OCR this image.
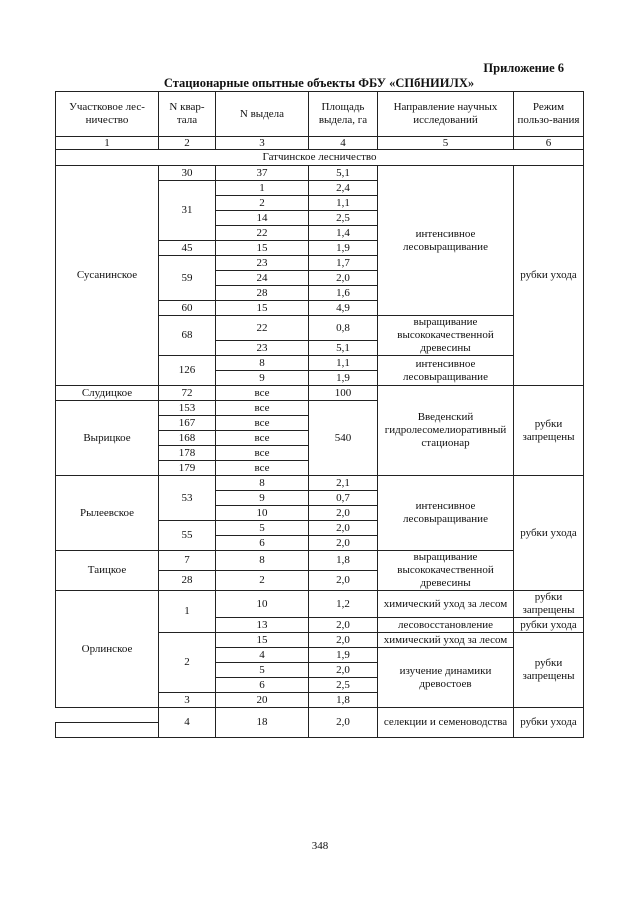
Приложение 6
Стационарные опытные объекты ФБУ «СПбНИИЛХ»
Участковое лес-ничество	N квар-тала	N выдела	Площадь выдела, га	Направление научных исследований	Режим пользо-вания
1	2	3	4	5	6
Гатчинское лесничество					
Сусанинское	30	37	5,1	интенсивное лесовыращивание	рубки ухода
	31	1	2,4		
		2	1,1		
		14	2,5		
		22	1,4		
	45	15	1,9		
	59	23	1,7		
		24	2,0		
		28	1,6		
	60	15	4,9		
	68	22	0,8		
				выращивание высококачественной древесины	
		23	5,1		
	126	8	1,1	интенсивное лесовыращивание	
		9	1,9		

Слудицкое	72	все	100	Введенский гидролесомелиоративный стационар	рубки запрещены
Вырицкое	153	все	540		
	167	все			
	168	все			
	178	все			
	179	все			
Рылеевское	53	8	2,1	интенсивное лесовыращивание	рубки ухода
		9	0,7		
		10	2,0		
	55	5	2,0		
		6	2,0		
Таицкое	7	8	1,8	выращивание высококачественной древесины	
	28	2	2,0		
Орлинское	1	10	1,2	химический уход за лесом	рубки запрещены

		13	2,0	лесовосстановление	рубки ухода

	2	15	2,0	химический уход за лесом	рубки запрещены

		4	1,9	изучение динамики древостоев	
		5	2,0		
		6	2,5		
	3	20	1,8		
	4	18	2,0	селекции и семеноводства	рубки ухода

348
